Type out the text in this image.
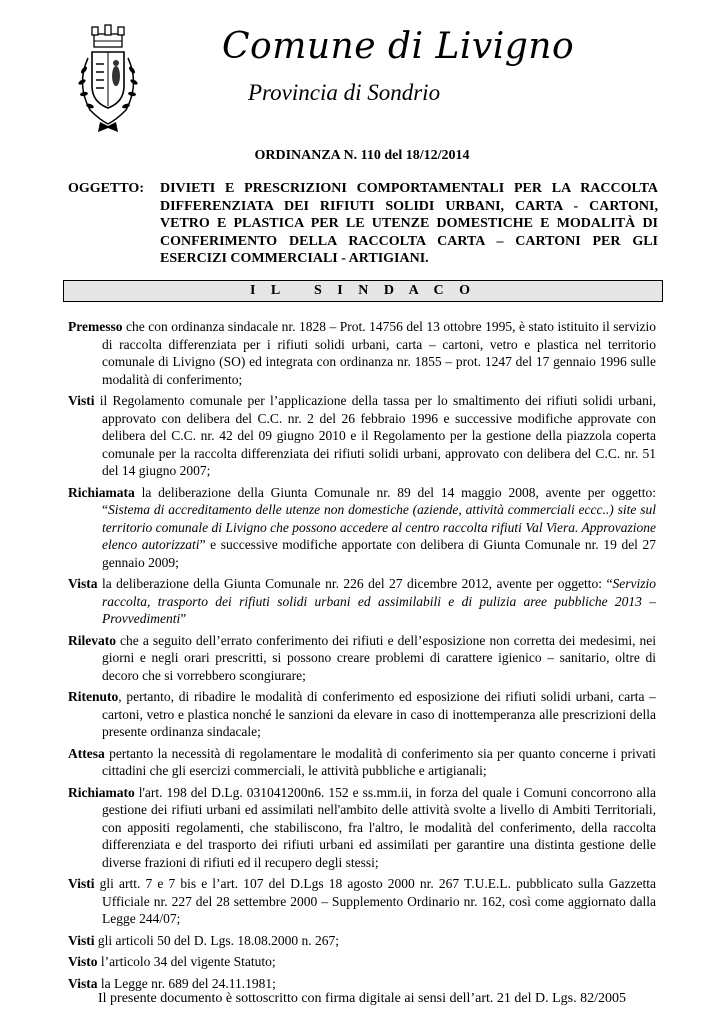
Comune di Livigno
Provincia di Sondrio
ORDINANZA N. 110 del 18/12/2014
OGGETTO: DIVIETI E PRESCRIZIONI COMPORTAMENTALI PER LA RACCOLTA DIFFERENZIATA DEI RIFIUTI SOLIDI URBANI, CARTA - CARTONI, VETRO E PLASTICA PER LE UTENZE DOMESTICHE E MODALITÀ DI CONFERIMENTO DELLA RACCOLTA CARTA – CARTONI PER GLI ESERCIZI COMMERCIALI - ARTIGIANI.
I L   S I N D A C O

Premesso che con ordinanza sindacale nr. 1828 – Prot. 14756 del 13 ottobre 1995, è stato istituito il servizio di raccolta differenziata per i rifiuti solidi urbani, carta – cartoni, vetro e plastica nel territorio comunale di Livigno (SO) ed integrata con ordinanza nr. 1855 – prot. 1247 del 17 gennaio 1996 sulle modalità di conferimento;

Visti il Regolamento comunale per l’applicazione della tassa per lo smaltimento dei rifiuti solidi urbani, approvato con delibera del C.C. nr. 2 del 26 febbraio 1996 e successive modifiche approvate con delibera del C.C. nr. 42 del 09 giugno 2010 e il Regolamento per la gestione della piazzola coperta comunale per la raccolta differenziata dei rifiuti solidi urbani, approvato con delibera del C.C. nr. 51 del 14 giugno 2007;

Richiamata la deliberazione della Giunta Comunale nr. 89 del 14 maggio 2008, avente per oggetto: “Sistema di accreditamento delle utenze non domestiche (aziende, attività commerciali eccc..) site sul territorio comunale di Livigno che possono accedere al centro raccolta rifiuti Val Viera. Approvazione elenco autorizzati” e successive modifiche apportate con delibera di Giunta Comunale nr. 19 del 27 gennaio 2009;

Vista la deliberazione della Giunta Comunale nr. 226 del 27 dicembre 2012, avente per oggetto: “Servizio raccolta, trasporto dei rifiuti solidi urbani ed assimilabili e di pulizia aree pubbliche 2013 – Provvedimenti”

Rilevato che a seguito dell’errato conferimento dei rifiuti e dell’esposizione non corretta dei medesimi, nei giorni e negli orari prescritti, si possono creare problemi di carattere igienico – sanitario, oltre di decoro che si vorrebbero scongiurare;

Ritenuto, pertanto, di ribadire le modalità di conferimento ed esposizione dei rifiuti solidi urbani, carta – cartoni, vetro e plastica nonché le sanzioni da elevare in caso di inottemperanza alle prescrizioni della presente ordinanza sindacale;

Attesa pertanto la necessità di regolamentare le modalità di conferimento sia per quanto concerne i privati cittadini che gli esercizi commerciali, le attività pubbliche e artigianali;

Richiamato l'art. 198 del D.Lg. 031041200n6. 152 e ss.mm.ii, in forza del quale i Comuni concorrono alla gestione dei rifiuti urbani ed assimilati nell'ambito delle attività svolte a livello di Ambiti Territoriali, con appositi regolamenti, che stabiliscono, fra l'altro, le modalità del conferimento, della raccolta differenziata e del trasporto dei rifiuti urbani ed assimilati per garantire una distinta gestione delle diverse frazioni di rifiuti ed il recupero degli stessi;

Visti gli artt. 7 e 7 bis e l’art. 107 del D.Lgs 18 agosto 2000 nr. 267 T.U.E.L. pubblicato sulla Gazzetta Ufficiale nr. 227 del 28 settembre 2000 – Supplemento Ordinario nr. 162, così come aggiornato dalla Legge 244/07;

Visti gli articoli 50 del D. Lgs. 18.08.2000 n. 267;

Visto l’articolo 34 del vigente Statuto;

Vista la Legge nr. 689 del 24.11.1981;

Il presente documento è sottoscritto con firma digitale ai sensi dell’art. 21 del D. Lgs. 82/2005
